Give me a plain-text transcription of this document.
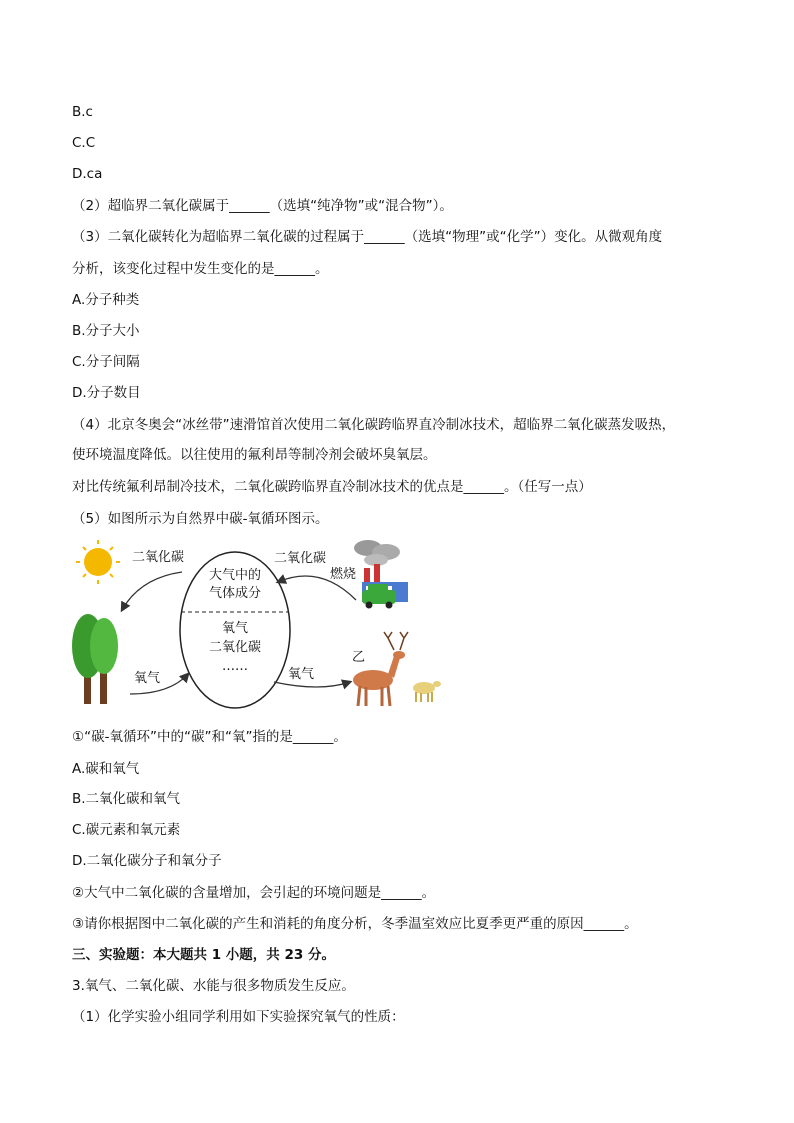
B.c
C.C
D.ca
（2）超临界二氧化碳属于______（选填“纯净物”或“混合物”）。
（3）二氧化碳转化为超临界二氧化碳的过程属于______（选填“物理”或“化学”）变化。从微观角度
分析，该变化过程中发生变化的是______。
A.分子种类
B.分子大小
C.分子间隔
D.分子数目
（4）北京冬奥会“冰丝带”速滑馆首次使用二氧化碳跨临界直冷制冰技术，超临界二氧化碳蒸发吸热，
使环境温度降低。以往使用的氟利昂等制冷剂会破坏臭氧层。
对比传统氟利昂制冷技术，二氧化碳跨临界直冷制冰技术的优点是______。（任写一点）
（5）如图所示为自然界中碳-氧循环图示。
二氧化碳	二氧化碳
燃烧
大气中的
气体成分
氧气
二氧化碳
……
氧气	氧气
乙
①“碳-氧循环”中的“碳”和“氧”指的是______。
A.碳和氧气
B.二氧化碳和氧气
C.碳元素和氧元素
D.二氧化碳分子和氧分子
②大气中二氧化碳的含量增加，会引起的环境问题是______。
③请你根据图中二氧化碳的产生和消耗的角度分析，冬季温室效应比夏季更严重的原因______。
三、实验题：本大题共 1 小题，共 23 分。
3.氧气、二氧化碳、水能与很多物质发生反应。
（1）化学实验小组同学利用如下实验探究氧气的性质：
